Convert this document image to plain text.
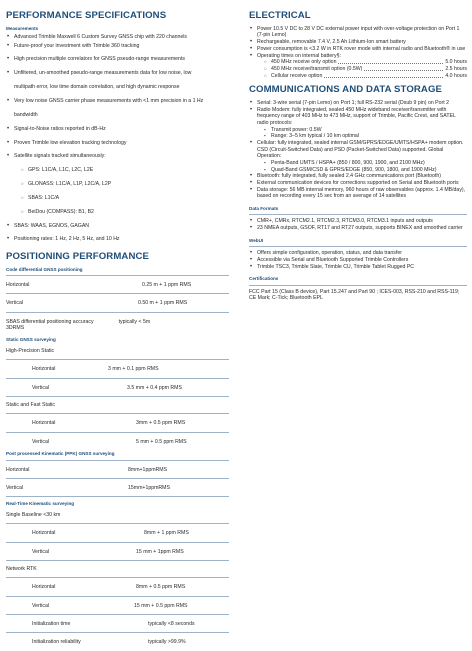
PERFORMANCE SPECIFICATIONS
Measurements
• Advanced Trimble Maxwell 6 Custom Survey GNSS chip with 220 channels
• Future-proof your investment with Trimble 360 tracking
• High precision multiple correlators for GNSS pseudo-range measurements
• Unfiltered, un-smoothed pseudo-range measurements data for low noise, low
multipath error, low time domain correlation, and high dynamic response
• Very low noise GNSS carrier phase measurements with <1 mm precision in a 1 Hz
bandwidth
• Signal-to-Noise ratios reported in dB-Hz
• Proven Trimble low elevation tracking technology
• Satellite signals tracked simultaneously:
○ GPS: L1C/A, L1C, L2C, L2E
○ GLONASS: L1C/A, L1P, L2C/A, L2P
○ SBAS: L1C/A
○ BeiDou (COMPASS): B1, B2
• SBAS: WAAS, EGNOS, GAGAN
• Positioning rates: 1 Hz, 2 Hz, 5 Hz, and 10 Hz
POSITIONING PERFORMANCE
Code differential GNSS positioning
Horizontal	0.25 m + 1 ppm RMS
Vertical	0.50 m + 1 ppm RMS
SBAS differential positioning accuracy	typically < 5m
3DRMS
Static GNSS surveying
High-Precision Static
Horizontal	3 mm + 0.1 ppm RMS
Vertical	3.5 mm + 0.4 ppm RMS
Static and Fast Static
Horizontal	3mm + 0.5 ppm RMS
Vertical	5 mm + 0.5 ppm RMS
Post processed Kinematic (PPK) GNSS surveying
Horizontal	8mm+1ppmRMS
Vertical	15mm+1ppmRMS
Real-Time Kinematic surveying
Single Baseline <30 km
Horizontal	8mm + 1 ppm RMS
Vertical	15 mm + 1ppm RMS
Network RTK
Horizontal	8mm + 0.5 ppm RMS
Vertical	15 mm + 0.5 ppm RMS
Initialization time	typically <8 seconds
Initialization reliability	typically >99.9%
ELECTRICAL
• Power 10.5 V DC to 28 V DC external power input with over-voltage protection on Port 1 (7-pin Lemo)
• Rechargeable, removable 7.4 V, 2.5 Ah Lithium-Ion smart battery
• Power consumption is <3.2 W in RTK rover mode with internal radio and Bluetooth® in use
• Operating times on internal battery§:
○ 450 MHz receive only option	5.0 hours
○ 450 MHz receive/transmit option (0.5W)	2.5 hours
○ Cellular receive option	4.0 hours
COMMUNICATIONS AND DATA STORAGE
• Serial: 3-wire serial (7-pin Lemo) on Port 1; full RS-232 serial (Dsub 9 pin) on Port 2
• Radio Modem: fully integrated, sealed 450 MHz wideband receiver/transmitter with frequency range of 403 MHz to 473 MHz, support of Trimble, Pacific Crest, and SATEL radio protocols:
▪ Transmit power: 0.5W
▪ Range: 3–5 km typical / 10 km optimal
• Cellular: fully integrated, sealed internal GSM/GPRS/EDGE/UMTS/HSPA+ modem option. CSD (Circuit-Switched Data) and PSD (Packet-Switched Data) supported. Global Operation:
▪ Penta-Band UMTS / HSPA+ (850 / 800, 900, 1900, and 2100 MHz)
▪ Quad-Band GSM/CSD & GPRS/EDGE (850, 900, 1800, and 1900 MHz)
• Bluetooth: fully integrated, fully sealed 2.4 GHz communications port (Bluetooth)
• External communication devices for corrections supported on Serial and Bluetooth ports
• Data storage: 56 MB internal memory, 960 hours of raw observables (approx. 1.4 MB/day), based on recording every 15 sec from an average of 14 satellites
Data Formats
• CMR+, CMRx, RTCM2.1, RTCM2.3, RTCM3.0, RTCM3.1 inputs and outputs
• 23 NMEA outputs, GSOF, RT17 and RT27 outputs, supports BINEX and smoothed carrier
WebUI
• Offers simple configuration, operation, status, and data transfer
• Accessible via Serial and Bluetooth Supported Trimble Controllers
• Trimble TSC3, Trimble Slate, Trimble CU, Trimble Tablet Rugged PC
Certifications
FCC Part 15 (Class B device), Part 15.247 and Part 90 ; ICES-003, RSS-210 and RSS-119; CE Mark; C-Tick; Bluetooth EPL
